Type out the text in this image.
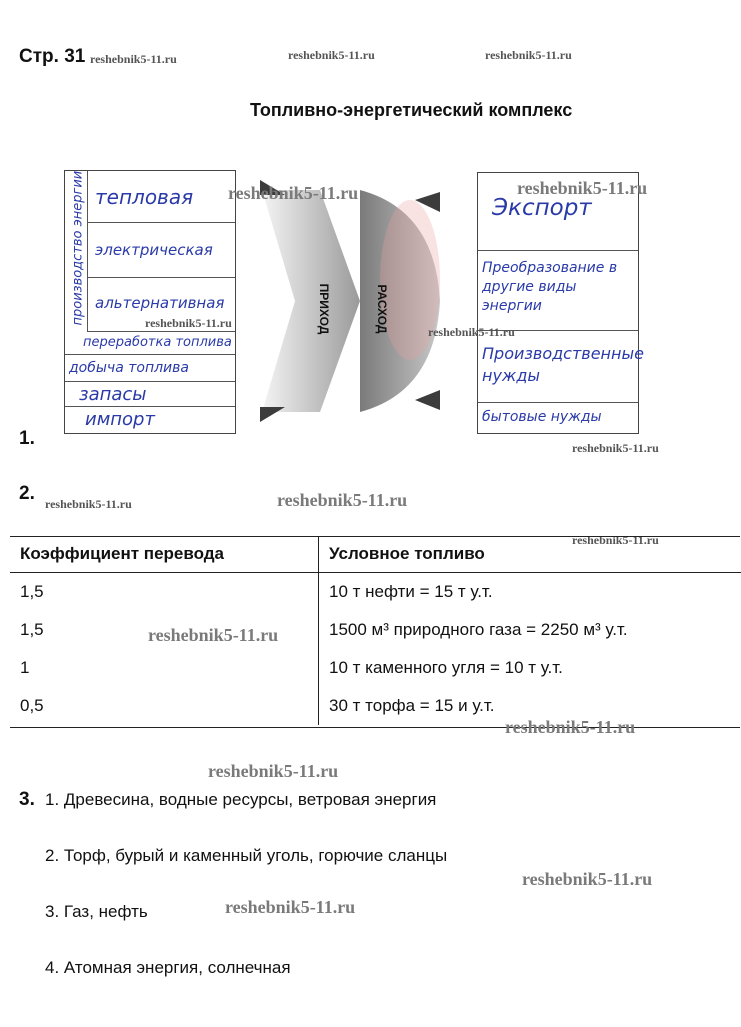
Стр. 31
Топливно-энергетический комплекс
reshebnik5-11.ru	reshebnik5-11.ru	reshebnik5-11.ru
производство энергии тепловая
электрическая
альтернативная
переработка топлива
добыча топлива
запасы
импорт
ПРИХОД	РАСХОД
Экспорт
Преобразование в другие виды энергии
Производственные нужды
бытовые нужды
reshebnik5-11.ru	reshebnik5-11.ru
reshebnik5-11.ru
reshebnik5-11.ru
1.	reshebnik5-11.ru
2. reshebnik5-11.ru	reshebnik5-11.ru
reshebnik5-11.ru
Коэффициент перевода	Условное топливо
1,5	10 т нефти = 15 т у.т.
1,5	1500 м³ природного газа = 2250 м³ у.т.
1	10 т каменного угля = 10 т у.т.
0,5	30 т торфа = 15 и у.т.
reshebnik5-11.ru
reshebnik5-11.ru
reshebnik5-11.ru
3. 1. Древесина, водные ресурсы, ветровая энергия
2. Торф, бурый и каменный уголь, горючие сланцы
reshebnik5-11.ru
3. Газ, нефть	reshebnik5-11.ru
4. Атомная энергия, солнечная
